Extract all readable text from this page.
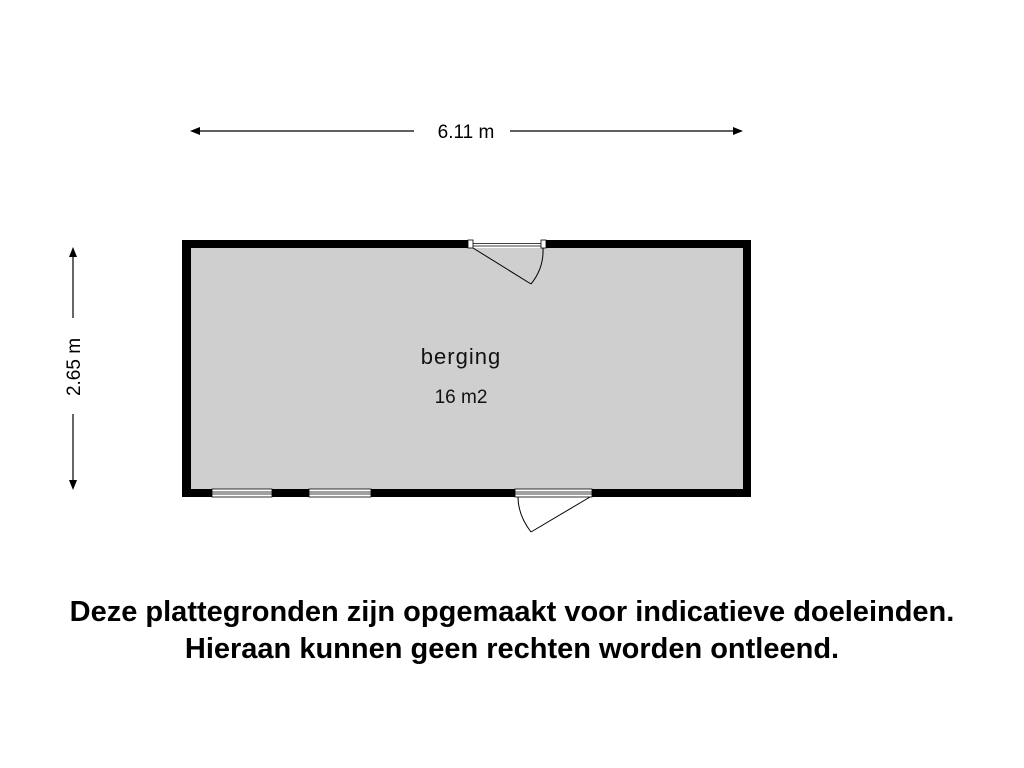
6.11 m
2.65 m	berging
16 m2
Deze plattegronden zijn opgemaakt voor indicatieve doeleinden.
Hieraan kunnen geen rechten worden ontleend.
